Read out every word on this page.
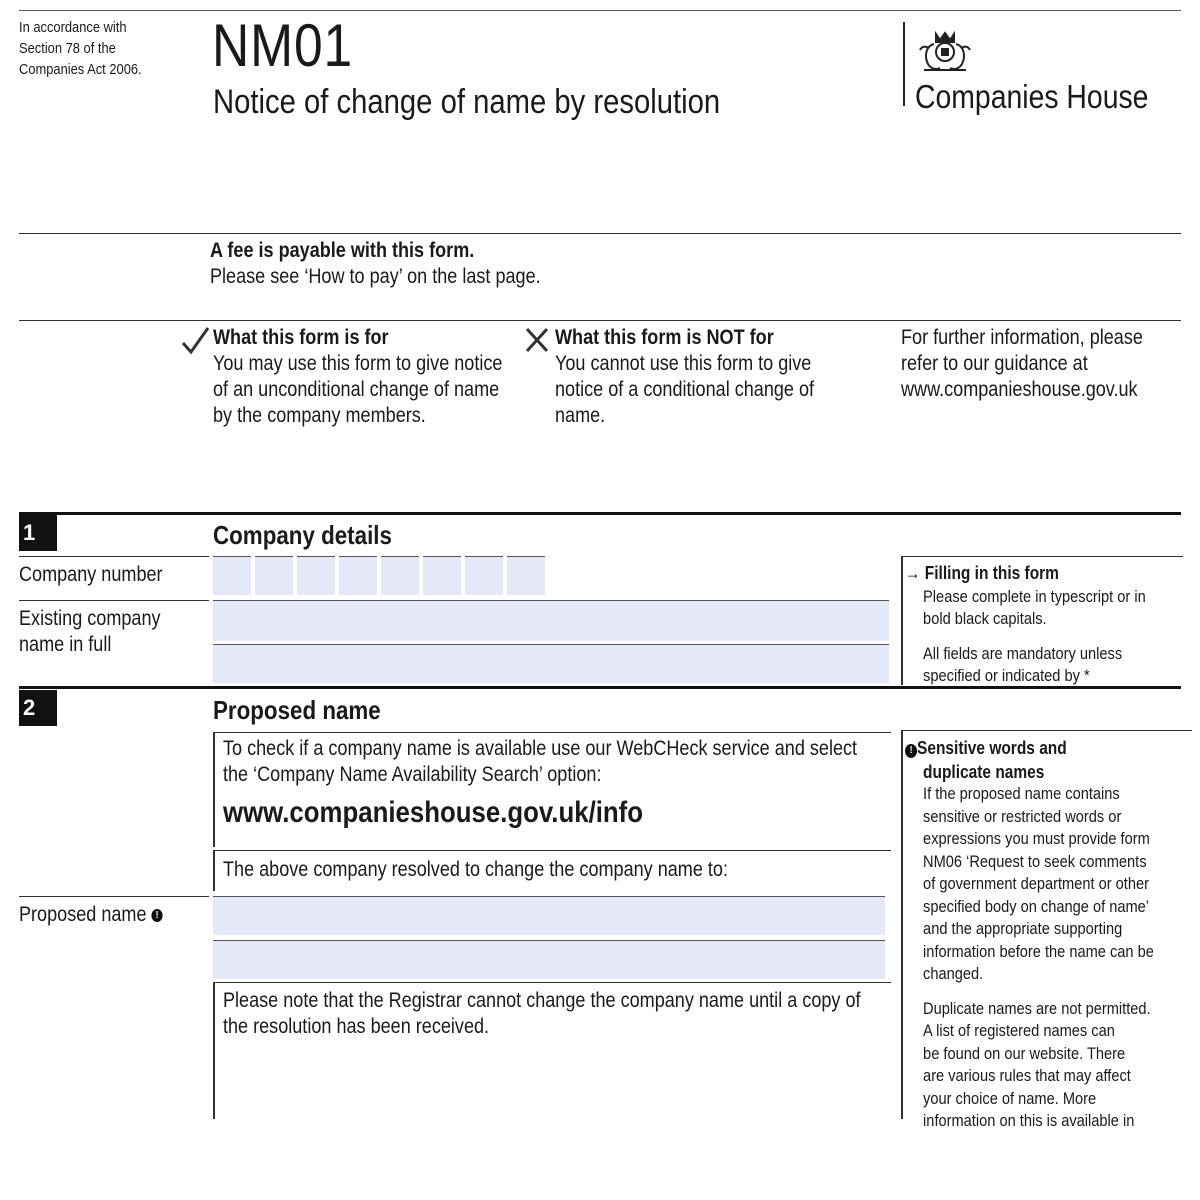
In accordance with
Section 78 of the
Companies Act 2006. NM01
Notice of change of name by resolution	Companies House
A fee is payable with this form.
Please see ‘How to pay’ on the last page.
What this form is for
You may use this form to give notice
of an unconditional change of name
by the company members.
What this form is NOT for
You cannot use this form to give
notice of a conditional change of
name.
For further information, please
refer to our guidance at
www.companieshouse.gov.uk
1	Company details
Company number
Existing company
name in full
→ Filling in this form
Please complete in typescript or in
bold black capitals.
All fields are mandatory unless
specified or indicated by *
2	Proposed name
To check if a company name is available use our WebCHeck service and select
the ‘Company Name Availability Search’ option:
www.companieshouse.gov.uk/info
The above company resolved to change the company name to:
Proposed name !
Please note that the Registrar cannot change the company name until a copy of
the resolution has been received.
! Sensitive words and
duplicate names
If the proposed name contains
sensitive or restricted words or
expressions you must provide form
NM06 ‘Request to seek comments
of government department or other
specified body on change of name’
and the appropriate supporting
information before the name can be
changed.
Duplicate names are not permitted.
A list of registered names can
be found on our website. There
are various rules that may affect
your choice of name. More
information on this is available in
